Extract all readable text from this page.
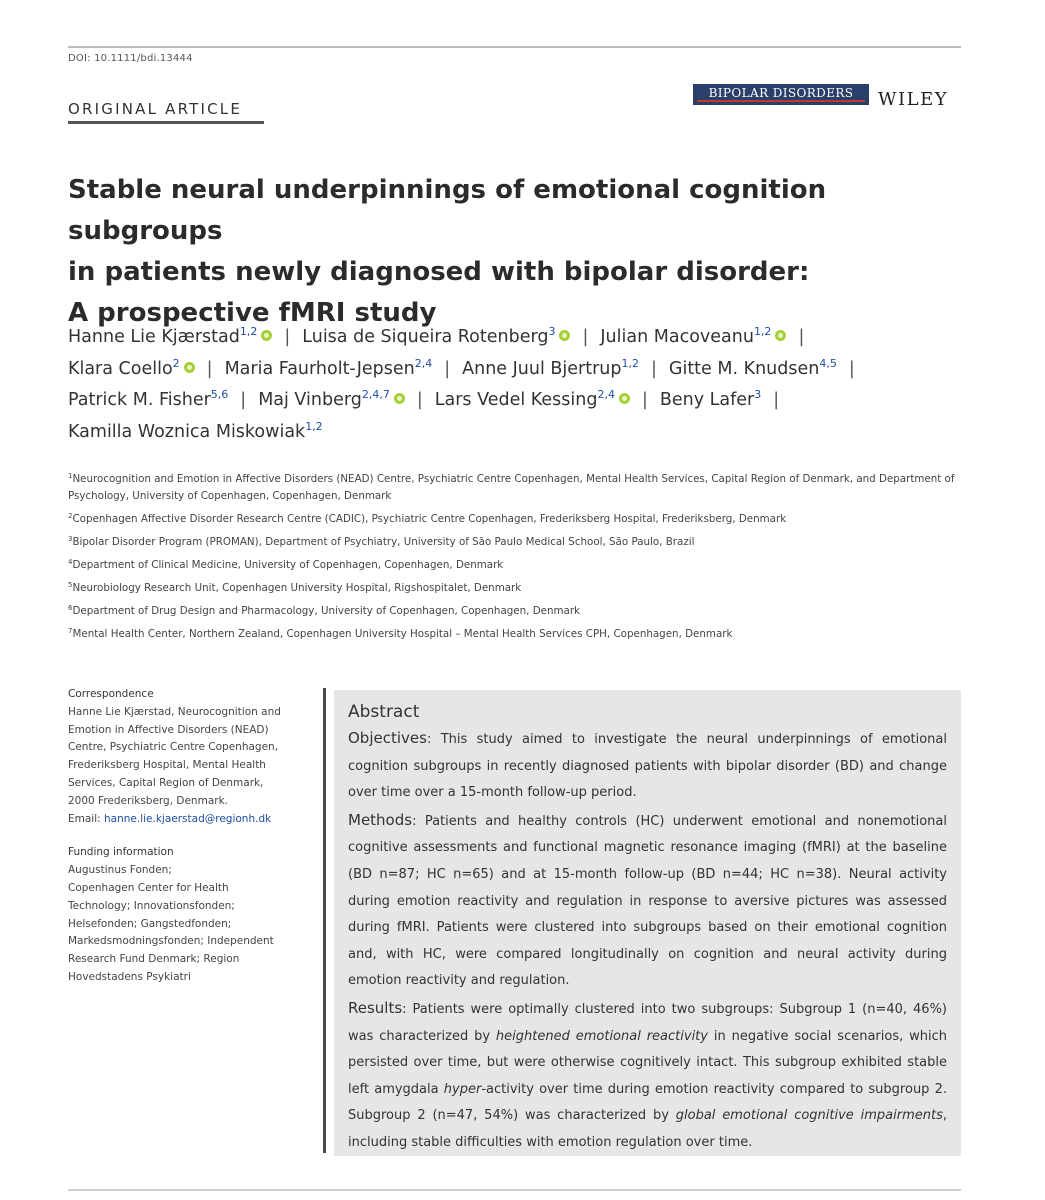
DOI: 10.1111/bdi.13444
ORIGINAL ARTICLE
BIPOLAR DISORDERS	WILEY
Stable neural underpinnings of emotional cognition subgroups
in patients newly diagnosed with bipolar disorder:
A prospective fMRI study
Hanne Lie Kjærstad$^{1,2}$ | Luisa de Siqueira Rotenberg$^3$ | Julian Macoveanu$^{1,2}$ |
Klara Coello$^2$ | Maria Faurholt-Jepsen$^{2,4}$ | Anne Juul Bjertrup$^{1,2}$ | Gitte M. Knudsen$^{4,5}$ |
Patrick M. Fisher$^{5,6}$ | Maj Vinberg$^{2,4,7}$ | Lars Vedel Kessing$^{2,4}$ | Beny Lafer$^3$ |
Kamilla Woznica Miskowiak$^{1,2}$
$^1$Neurocognition and Emotion in Affective Disorders (NEAD) Centre, Psychiatric Centre Copenhagen, Mental Health Services, Capital Region of Denmark, and Department of Psychology, University of Copenhagen, Copenhagen, Denmark
$^2$Copenhagen Affective Disorder Research Centre (CADIC), Psychiatric Centre Copenhagen, Frederiksberg Hospital, Frederiksberg, Denmark
$^3$Bipolar Disorder Program (PROMAN), Department of Psychiatry, University of São Paulo Medical School, São Paulo, Brazil
$^4$Department of Clinical Medicine, University of Copenhagen, Copenhagen, Denmark
$^5$Neurobiology Research Unit, Copenhagen University Hospital, Rigshospitalet, Denmark
$^6$Department of Drug Design and Pharmacology, University of Copenhagen, Copenhagen, Denmark
$^7$Mental Health Center, Northern Zealand, Copenhagen University Hospital – Mental Health Services CPH, Copenhagen, Denmark
Correspondence
Hanne Lie Kjærstad, Neurocognition and
Emotion in Affective Disorders (NEAD)
Centre, Psychiatric Centre Copenhagen,
Frederiksberg Hospital, Mental Health
Services, Capital Region of Denmark,
2000 Frederiksberg, Denmark.
Email: hanne.lie.kjaerstad@regionh.dk
Funding information
Augustinus Fonden;
Copenhagen Center for Health
Technology; Innovationsfonden;
Helsefonden; Gangstedfonden;
Markedsmodningsfonden; Independent
Research Fund Denmark; Region
Hovedstadens Psykiatri
Abstract

Objectives: This study aimed to investigate the neural underpinnings of emotional cognition subgroups in recently diagnosed patients with bipolar disorder (BD) and change over time over a 15-month follow-up period.

Methods: Patients and healthy controls (HC) underwent emotional and nonemotional cognitive assessments and functional magnetic resonance imaging (fMRI) at the baseline (BD n=87; HC n=65) and at 15-month follow-up (BD n=44; HC n=38). Neural activity during emotion reactivity and regulation in response to aversive pictures was assessed during fMRI. Patients were clustered into subgroups based on their emotional cognition and, with HC, were compared longitudinally on cognition and neural activity during emotion reactivity and regulation.

Results: Patients were optimally clustered into two subgroups: Subgroup 1 (n=40, 46%) was characterized by heightened emotional reactivity in negative social scenarios, which persisted over time, but were otherwise cognitively intact. This subgroup exhibited stable left amygdala hyper-activity over time during emotion reactivity compared to subgroup 2. Subgroup 2 (n=47, 54%) was characterized by global emotional cognitive impairments, including stable difficulties with emotion regulation over time.
